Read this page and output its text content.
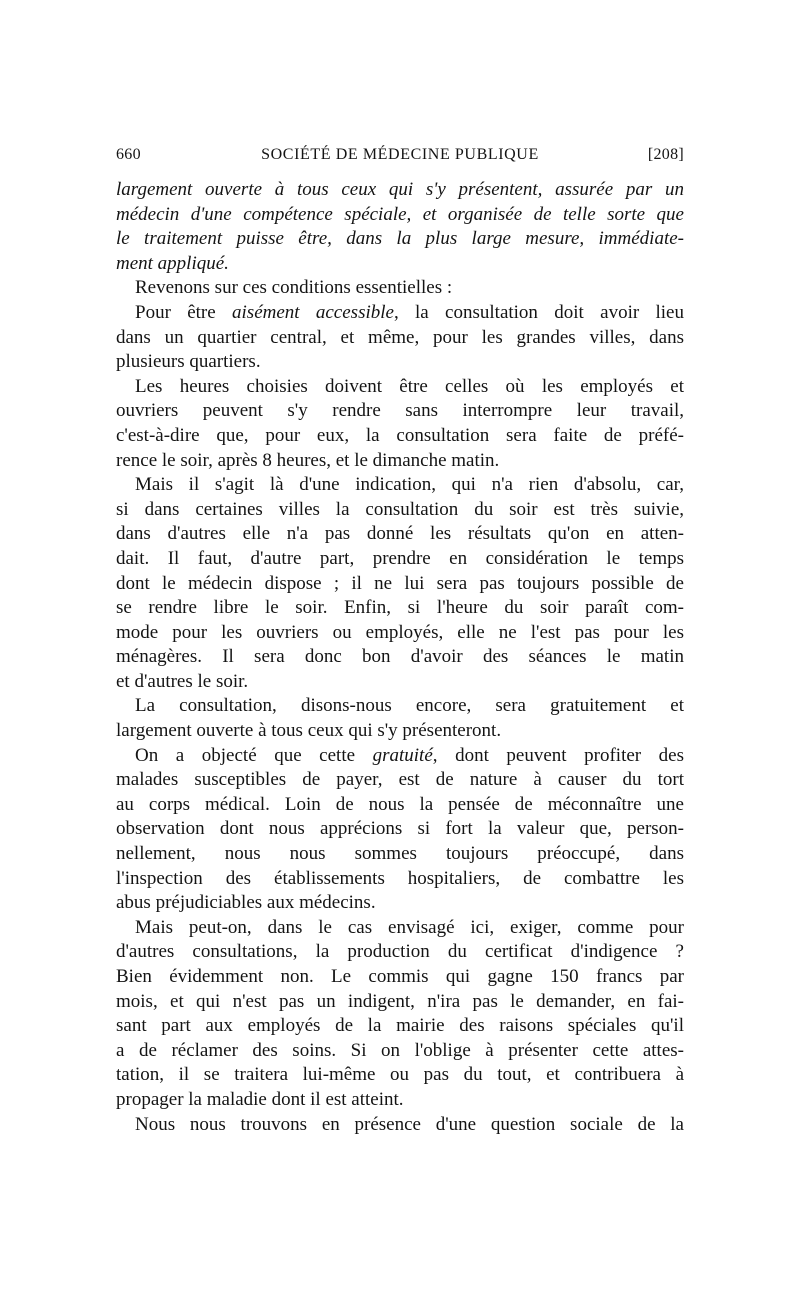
660	SOCIÉTÉ DE MÉDECINE PUBLIQUE	[208]
largement ouverte à tous ceux qui s'y présentent, assurée par un
médecin d'une compétence spéciale, et organisée de telle sorte que
le traitement puisse être, dans la plus large mesure, immédiate-
ment appliqué.
Revenons sur ces conditions essentielles :
Pour être aisément accessible, la consultation doit avoir lieu
dans un quartier central, et même, pour les grandes villes, dans
plusieurs quartiers.
Les heures choisies doivent être celles où les employés et
ouvriers peuvent s'y rendre sans interrompre leur travail,
c'est-à-dire que, pour eux, la consultation sera faite de préfé-
rence le soir, après 8 heures, et le dimanche matin.
Mais il s'agit là d'une indication, qui n'a rien d'absolu, car,
si dans certaines villes la consultation du soir est très suivie,
dans d'autres elle n'a pas donné les résultats qu'on en atten-
dait. Il faut, d'autre part, prendre en considération le temps
dont le médecin dispose ; il ne lui sera pas toujours possible de
se rendre libre le soir. Enfin, si l'heure du soir paraît com-
mode pour les ouvriers ou employés, elle ne l'est pas pour les
ménagères. Il sera donc bon d'avoir des séances le matin
et d'autres le soir.
La consultation, disons-nous encore, sera gratuitement et
largement ouverte à tous ceux qui s'y présenteront.
On a objecté que cette gratuité, dont peuvent profiter des
malades susceptibles de payer, est de nature à causer du tort
au corps médical. Loin de nous la pensée de méconnaître une
observation dont nous apprécions si fort la valeur que, person-
nellement, nous nous sommes toujours préoccupé, dans
l'inspection des établissements hospitaliers, de combattre les
abus préjudiciables aux médecins.
Mais peut-on, dans le cas envisagé ici, exiger, comme pour
d'autres consultations, la production du certificat d'indigence ?
Bien évidemment non. Le commis qui gagne 150 francs par
mois, et qui n'est pas un indigent, n'ira pas le demander, en fai-
sant part aux employés de la mairie des raisons spéciales qu'il
a de réclamer des soins. Si on l'oblige à présenter cette attes-
tation, il se traitera lui-même ou pas du tout, et contribuera à
propager la maladie dont il est atteint.
Nous nous trouvons en présence d'une question sociale de la
